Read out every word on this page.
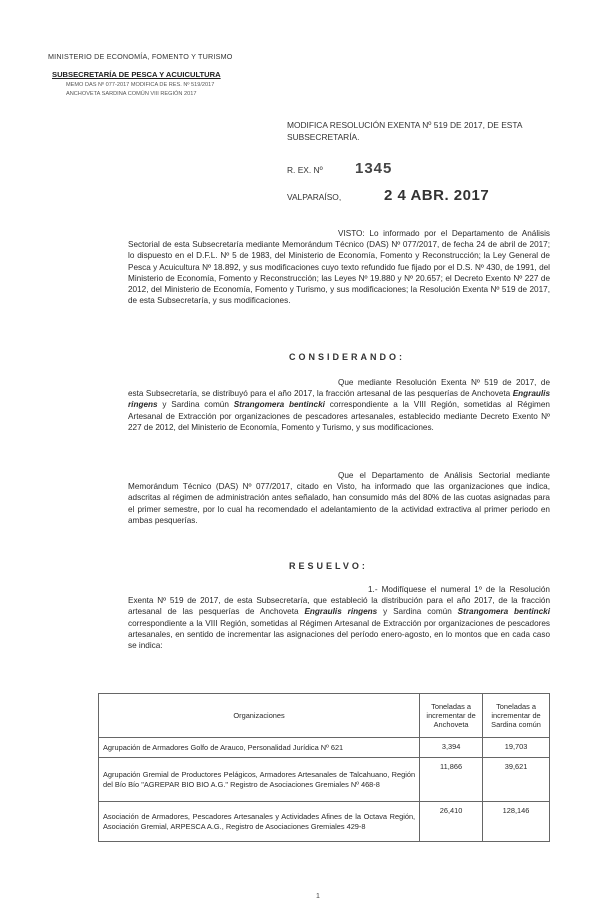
MINISTERIO DE ECONOMÍA, FOMENTO Y TURISMO
SUBSECRETARÍA DE PESCA Y ACUICULTURA
MEMO DAS Nº 077-2017 MODIFICA DE RES. Nº 519/2017
ANCHOVETA SARDINA COMÚN VIII REGIÓN 2017
MODIFICA RESOLUCIÓN EXENTA Nº 519 DE 2017, DE ESTA SUBSECRETARÍA.
R. EX. Nº 1345
VALPARAÍSO,	2 4 ABR. 2017
VISTO: Lo informado por el Departamento de Análisis Sectorial de esta Subsecretaría mediante Memorándum Técnico (DAS) Nº 077/2017, de fecha 24 de abril de 2017; lo dispuesto en el D.F.L. Nº 5 de 1983, del Ministerio de Economía, Fomento y Reconstrucción; la Ley General de Pesca y Acuicultura Nº 18.892, y sus modificaciones cuyo texto refundido fue fijado por el D.S. Nº 430, de 1991, del Ministerio de Economía, Fomento y Reconstrucción; las Leyes Nº 19.880 y Nº 20.657; el Decreto Exento Nº 227 de 2012, del Ministerio de Economía, Fomento y Turismo, y sus modificaciones; la Resolución Exenta Nº 519 de 2017, de esta Subsecretaría, y sus modificaciones.
CONSIDERANDO:
Que mediante Resolución Exenta Nº 519 de 2017, de esta Subsecretaría, se distribuyó para el año 2017, la fracción artesanal de las pesquerías de Anchoveta Engraulis ringens y Sardina común Strangomera bentincki correspondiente a la VIII Región, sometidas al Régimen Artesanal de Extracción por organizaciones de pescadores artesanales, establecido mediante Decreto Exento Nº 227 de 2012, del Ministerio de Economía, Fomento y Turismo, y sus modificaciones.
Que el Departamento de Análisis Sectorial mediante Memorándum Técnico (DAS) Nº 077/2017, citado en Visto, ha informado que las organizaciones que indica, adscritas al régimen de administración antes señalado, han consumido más del 80% de las cuotas asignadas para el primer semestre, por lo cual ha recomendado el adelantamiento de la actividad extractiva al primer periodo en ambas pesquerías.
RESUELVO:
1.- Modifíquese el numeral 1º de la Resolución Exenta Nº 519 de 2017, de esta Subsecretaría, que estableció la distribución para el año 2017, de la fracción artesanal de las pesquerías de Anchoveta Engraulis ringens y Sardina común Strangomera bentincki correspondiente a la VIII Región, sometidas al Régimen Artesanal de Extracción por organizaciones de pescadores artesanales, en sentido de incrementar las asignaciones del período enero-agosto, en lo montos que en cada caso se indica:
Organizaciones	Toneladas a incrementar de Anchoveta	Toneladas a incrementar de Sardina común
Agrupación de Armadores Golfo de Arauco, Personalidad Jurídica Nº 621	3,394	19,703
Agrupación Gremial de Productores Pelágicos, Armadores Artesanales de Talcahuano, Región del Bío Bío "AGREPAR BIO BIO A.G." Registro de Asociaciones Gremiales Nº 468-8	11,866	39,621
Asociación de Armadores, Pescadores Artesanales y Actividades Afines de la Octava Región, Asociación Gremial, ARPESCA A.G., Registro de Asociaciones Gremiales 429-8	26,410	128,146
1
